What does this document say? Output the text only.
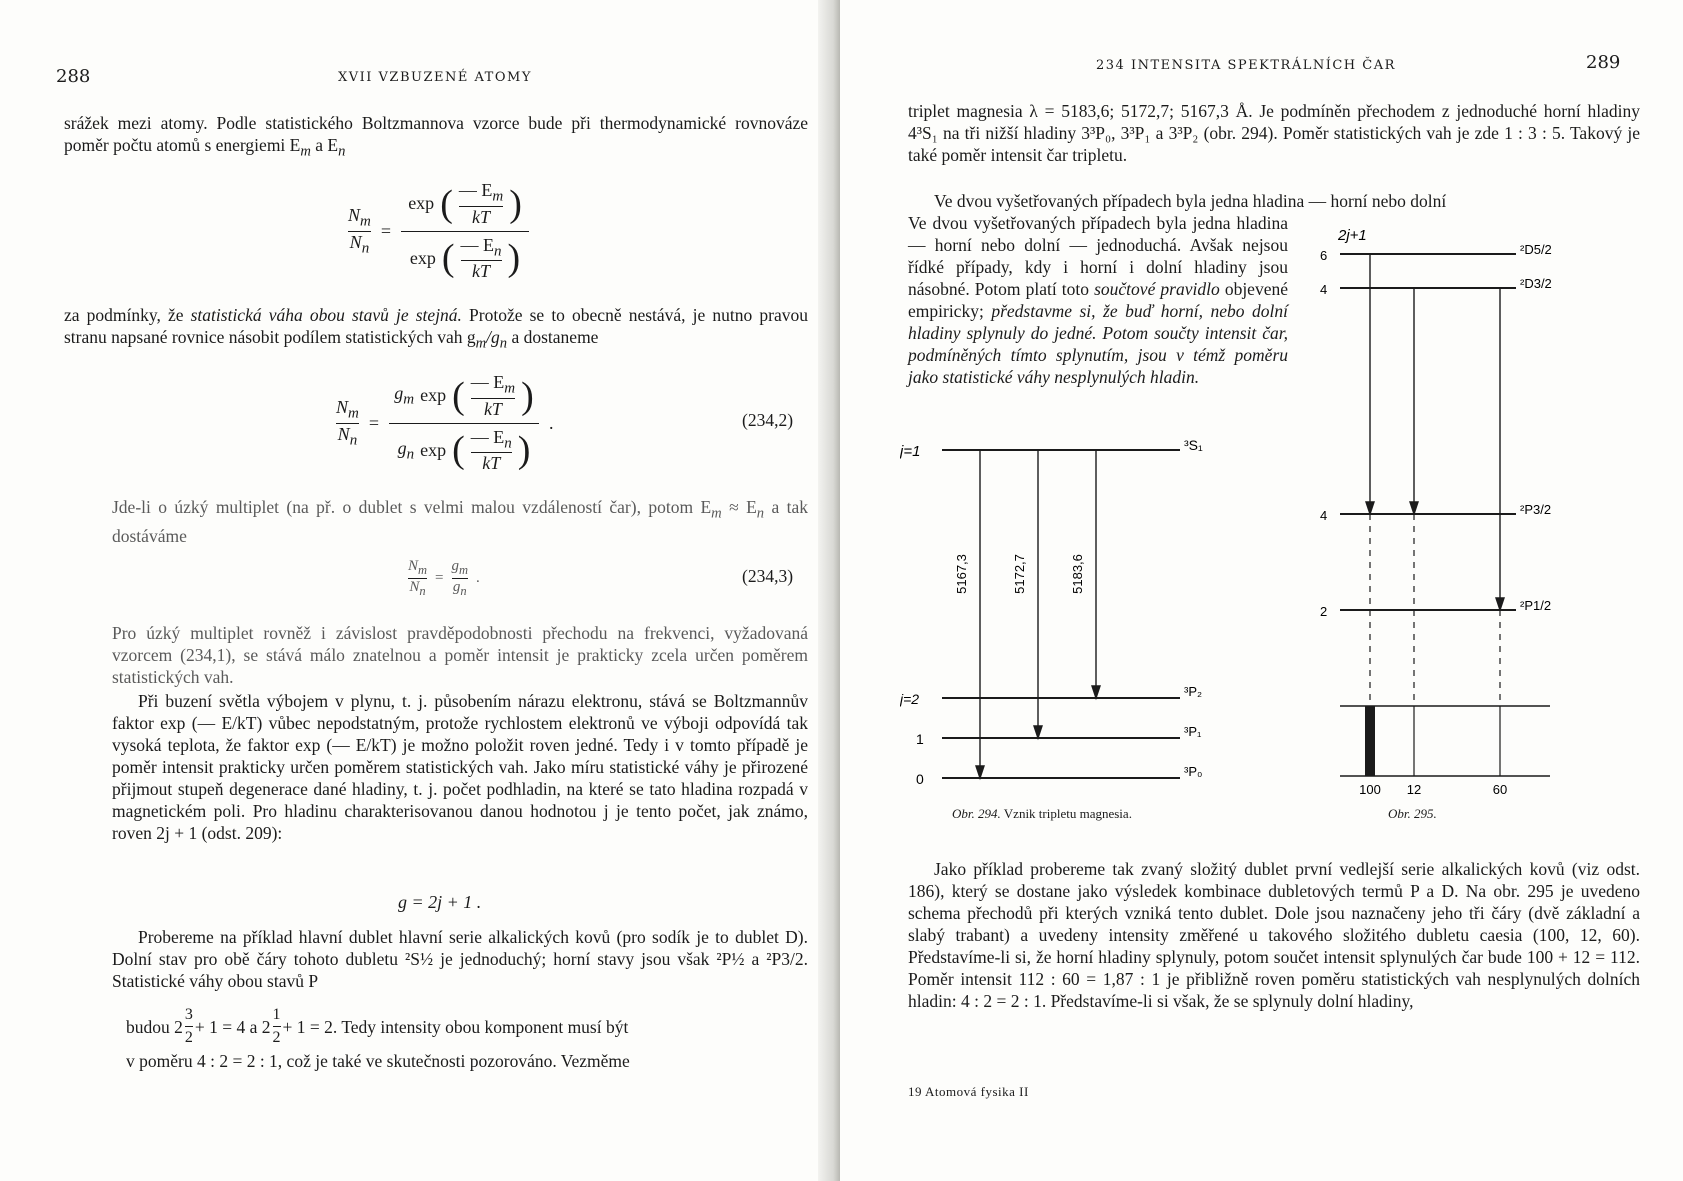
288	XVII VZBUZENÉ ATOMY

srážek mezi atomy. Podle statistického Boltzmannova vzorce bude při thermodynamické rovnováze poměr počtu atomů s energiemi $E_m$ a $E_n$

$\frac{N_m}{N_n} = \frac{\exp ( \frac{— E_m}{kT} )}{\exp ( \frac{— E_n}{kT} )}$

za podmínky, že statistická váha obou stavů je stejná. Protože se to obecně nestává, je nutno pravou stranu napsané rovnice násobit podílem statistických vah $g_m/g_n$ a dostaneme

$\frac{N_m}{N_n}$ =
$g_m$ exp ( $\frac{— E_m}{kT}$ )
$g_n$ exp ( $\frac{— E_n}{kT}$ )
.	(234,2)

Jde-li o úzký multiplet (na př. o dublet s velmi malou vzdáleností čar), potom $E_m \approx E_n$ a tak dostáváme

$\frac{N_m}{N_n} = \frac{g_m}{g_n}$ .	(234,3)

Pro úzký multiplet rovněž i závislost pravděpodobnosti přechodu na frekvenci, vyžadovaná vzorcem (234,1), se stává málo znatelnou a poměr intensit je prakticky zcela určen poměrem statistických vah.

Při buzení světla výbojem v plynu, t. j. působením nárazu elektronu, stává se Boltzmannův faktor exp (— E/kT) vůbec nepodstatným, protože rychlostem elektronů ve výboji odpovídá tak vysoká teplota, že faktor exp (— E/kT) je možno položit roven jedné. Tedy i v tomto případě je poměr intensit prakticky určen poměrem statistických vah. Jako míru statistické váhy je přirozené přijmout stupeň degenerace dané hladiny, t. j. počet podhladin, na které se tato hladina rozpadá v magnetickém poli. Pro hladinu charakterisovanou danou hodnotou j je tento počet, jak známo, roven 2j + 1 (odst. 209):

g = 2j + 1 .

Probereme na příklad hlavní dublet hlavní serie alkalických kovů (pro sodík je to dublet D). Dolní stav pro obě čáry tohoto dubletu ²S½ je jednoduchý; horní stavy jsou však ²P½ a ²P3/2. Statistické váhy obou stavů P

budou $2 \frac{3}{2} + 1 = 4$ a $2 \frac{1}{2} + 1 = 2$. Tedy intensity obou komponent musí být

v poměru 4 : 2 = 2 : 1, což je také ve skutečnosti pozorováno. Vezměme

234 INTENSITA SPEKTRÁLNÍCH ČAR	289

triplet magnesia λ = 5183,6; 5172,7; 5167,3 Å. Je podmíněn přechodem z jednoduché horní hladiny 4³S₁ na tři nižší hladiny 3³P₀, 3³P₁ a 3³P₂ (obr. 294). Poměr statistických vah je zde 1 : 3 : 5. Takový je také poměr intensit čar tripletu.

Ve dvou vyšetřovaných případech byla jedna hladina — horní nebo dolní

Ve dvou vyšetřovaných případech byla jedna hladina — horní nebo dolní — jednoduchá. Avšak nejsou řídké případy, kdy i horní i dolní hladiny jsou násobné. Potom platí toto součtové pravidlo objevené empiricky; představme si, že buď horní, nebo dolní hladiny splynuly do jedné. Potom součty intensit čar, podmíněných tímto splynutím, jsou v témž poměru jako statistické váhy nesplynulých hladin.

j=1	³S₁
j=2
1
0
³P₂
³P₁
³P₀
5167,3	5172,7	5183,6
Obr. 294. Vznik tripletu magnesia.
2j+1
6
4
²D5/2
²D3/2
4
2
²P3/2
²P1/2
100 12	60
Obr. 295.

Jako příklad probereme tak zvaný složitý dublet první vedlejší serie alkalických kovů (viz odst. 186), který se dostane jako výsledek kombinace dubletových termů P a D. Na obr. 295 je uvedeno schema přechodů při kterých vzniká tento dublet. Dole jsou naznačeny jeho tři čáry (dvě základní a slabý trabant) a uvedeny intensity změřené u takového složitého dubletu caesia (100, 12, 60). Představíme-li si, že horní hladiny splynuly, potom součet intensit splynulých čar bude 100 + 12 = 112. Poměr intensit 112 : 60 = 1,87 : 1 je přibližně roven poměru statistických vah nesplynulých dolních hladin: 4 : 2 = 2 : 1. Představíme-li si však, že se splynuly dolní hladiny,

19 Atomová fysika II
